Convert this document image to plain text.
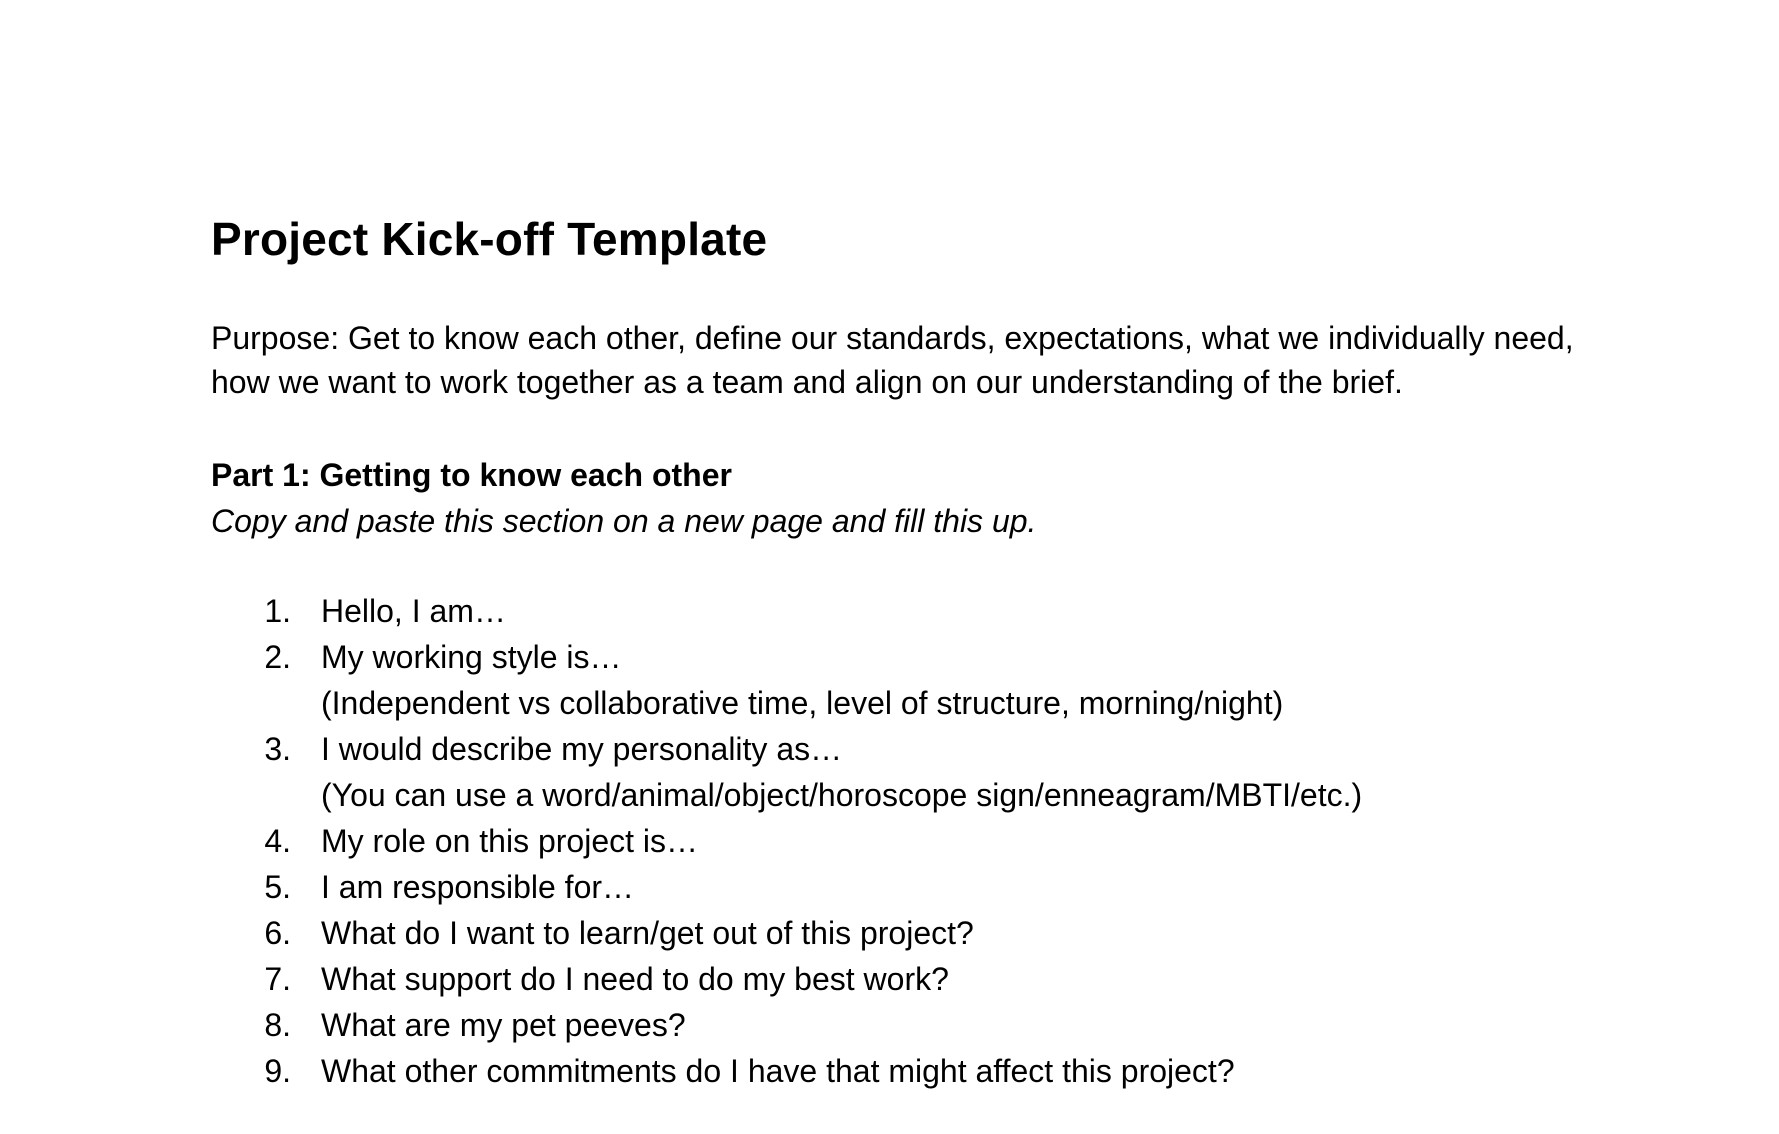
Project Kick-off Template
Purpose: Get to know each other, define our standards, expectations, what we individually need, how we want to work together as a team and align on our understanding of the brief.
Part 1: Getting to know each other
Copy and paste this section on a new page and fill this up.
1. Hello, I am…
2. My working style is…
(Independent vs collaborative time, level of structure, morning/night)
3. I would describe my personality as…
(You can use a word/animal/object/horoscope sign/enneagram/MBTI/etc.)
4. My role on this project is…
5. I am responsible for…
6. What do I want to learn/get out of this project?
7. What support do I need to do my best work?
8. What are my pet peeves?
9. What other commitments do I have that might affect this project?
